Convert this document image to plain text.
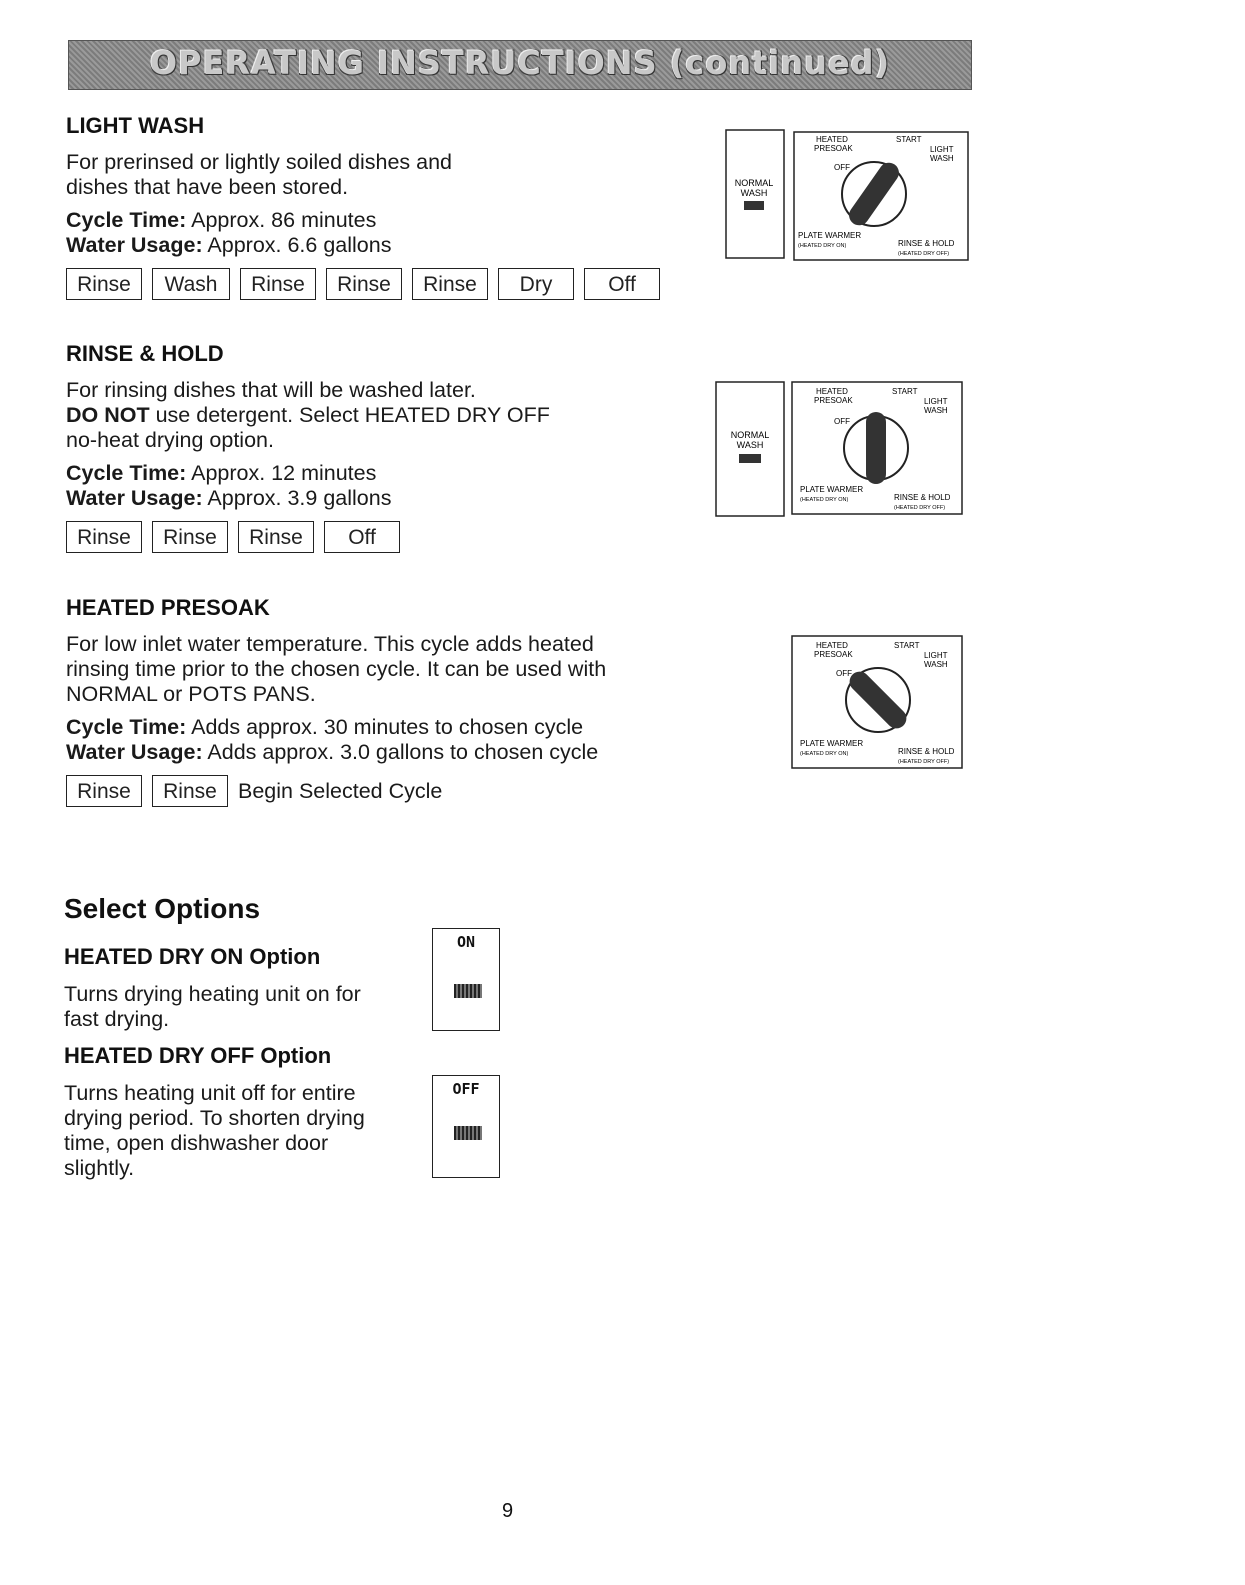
OPERATING INSTRUCTIONS (continued)
LIGHT WASH

For prerinsed or lightly soiled dishes and

dishes that have been stored.

Cycle Time: Approx. 86 minutes

Water Usage: Approx. 6.6 gallons

Rinse	Wash	Rinse	Rinse	Rinse	Dry	Off
RINSE & HOLD

For rinsing dishes that will be washed later.

DO NOT use detergent. Select HEATED DRY OFF

no-heat drying option.

Cycle Time: Approx. 12 minutes

Water Usage: Approx. 3.9 gallons

Rinse	Rinse	Rinse	Off
HEATED PRESOAK

For low inlet water temperature. This cycle adds heated

rinsing time prior to the chosen cycle. It can be used with

NORMAL or POTS PANS.

Cycle Time: Adds approx. 30 minutes to chosen cycle

Water Usage: Adds approx. 3.0 gallons to chosen cycle

Rinse	Rinse Begin Selected Cycle
NORMAL
WASH
HEATED
PRESOAK
START
LIGHT
WASH
OFF
PLATE WARMER
(HEATED DRY ON)	RINSE & HOLD
(HEATED DRY OFF)
NORMAL
WASH
HEATED
PRESOAK
START
LIGHT
WASH
OFF
PLATE WARMER
(HEATED DRY ON)	RINSE & HOLD
(HEATED DRY OFF)
HEATED
PRESOAK
START
LIGHT
WASH
OFF
PLATE WARMER
(HEATED DRY ON)	RINSE & HOLD
(HEATED DRY OFF)
Select Options
HEATED DRY ON Option

Turns drying heating unit on for

fast drying.

ON
HEATED DRY OFF Option

Turns heating unit off for entire

drying period. To shorten drying

time, open dishwasher door

slightly.

OFF
9
